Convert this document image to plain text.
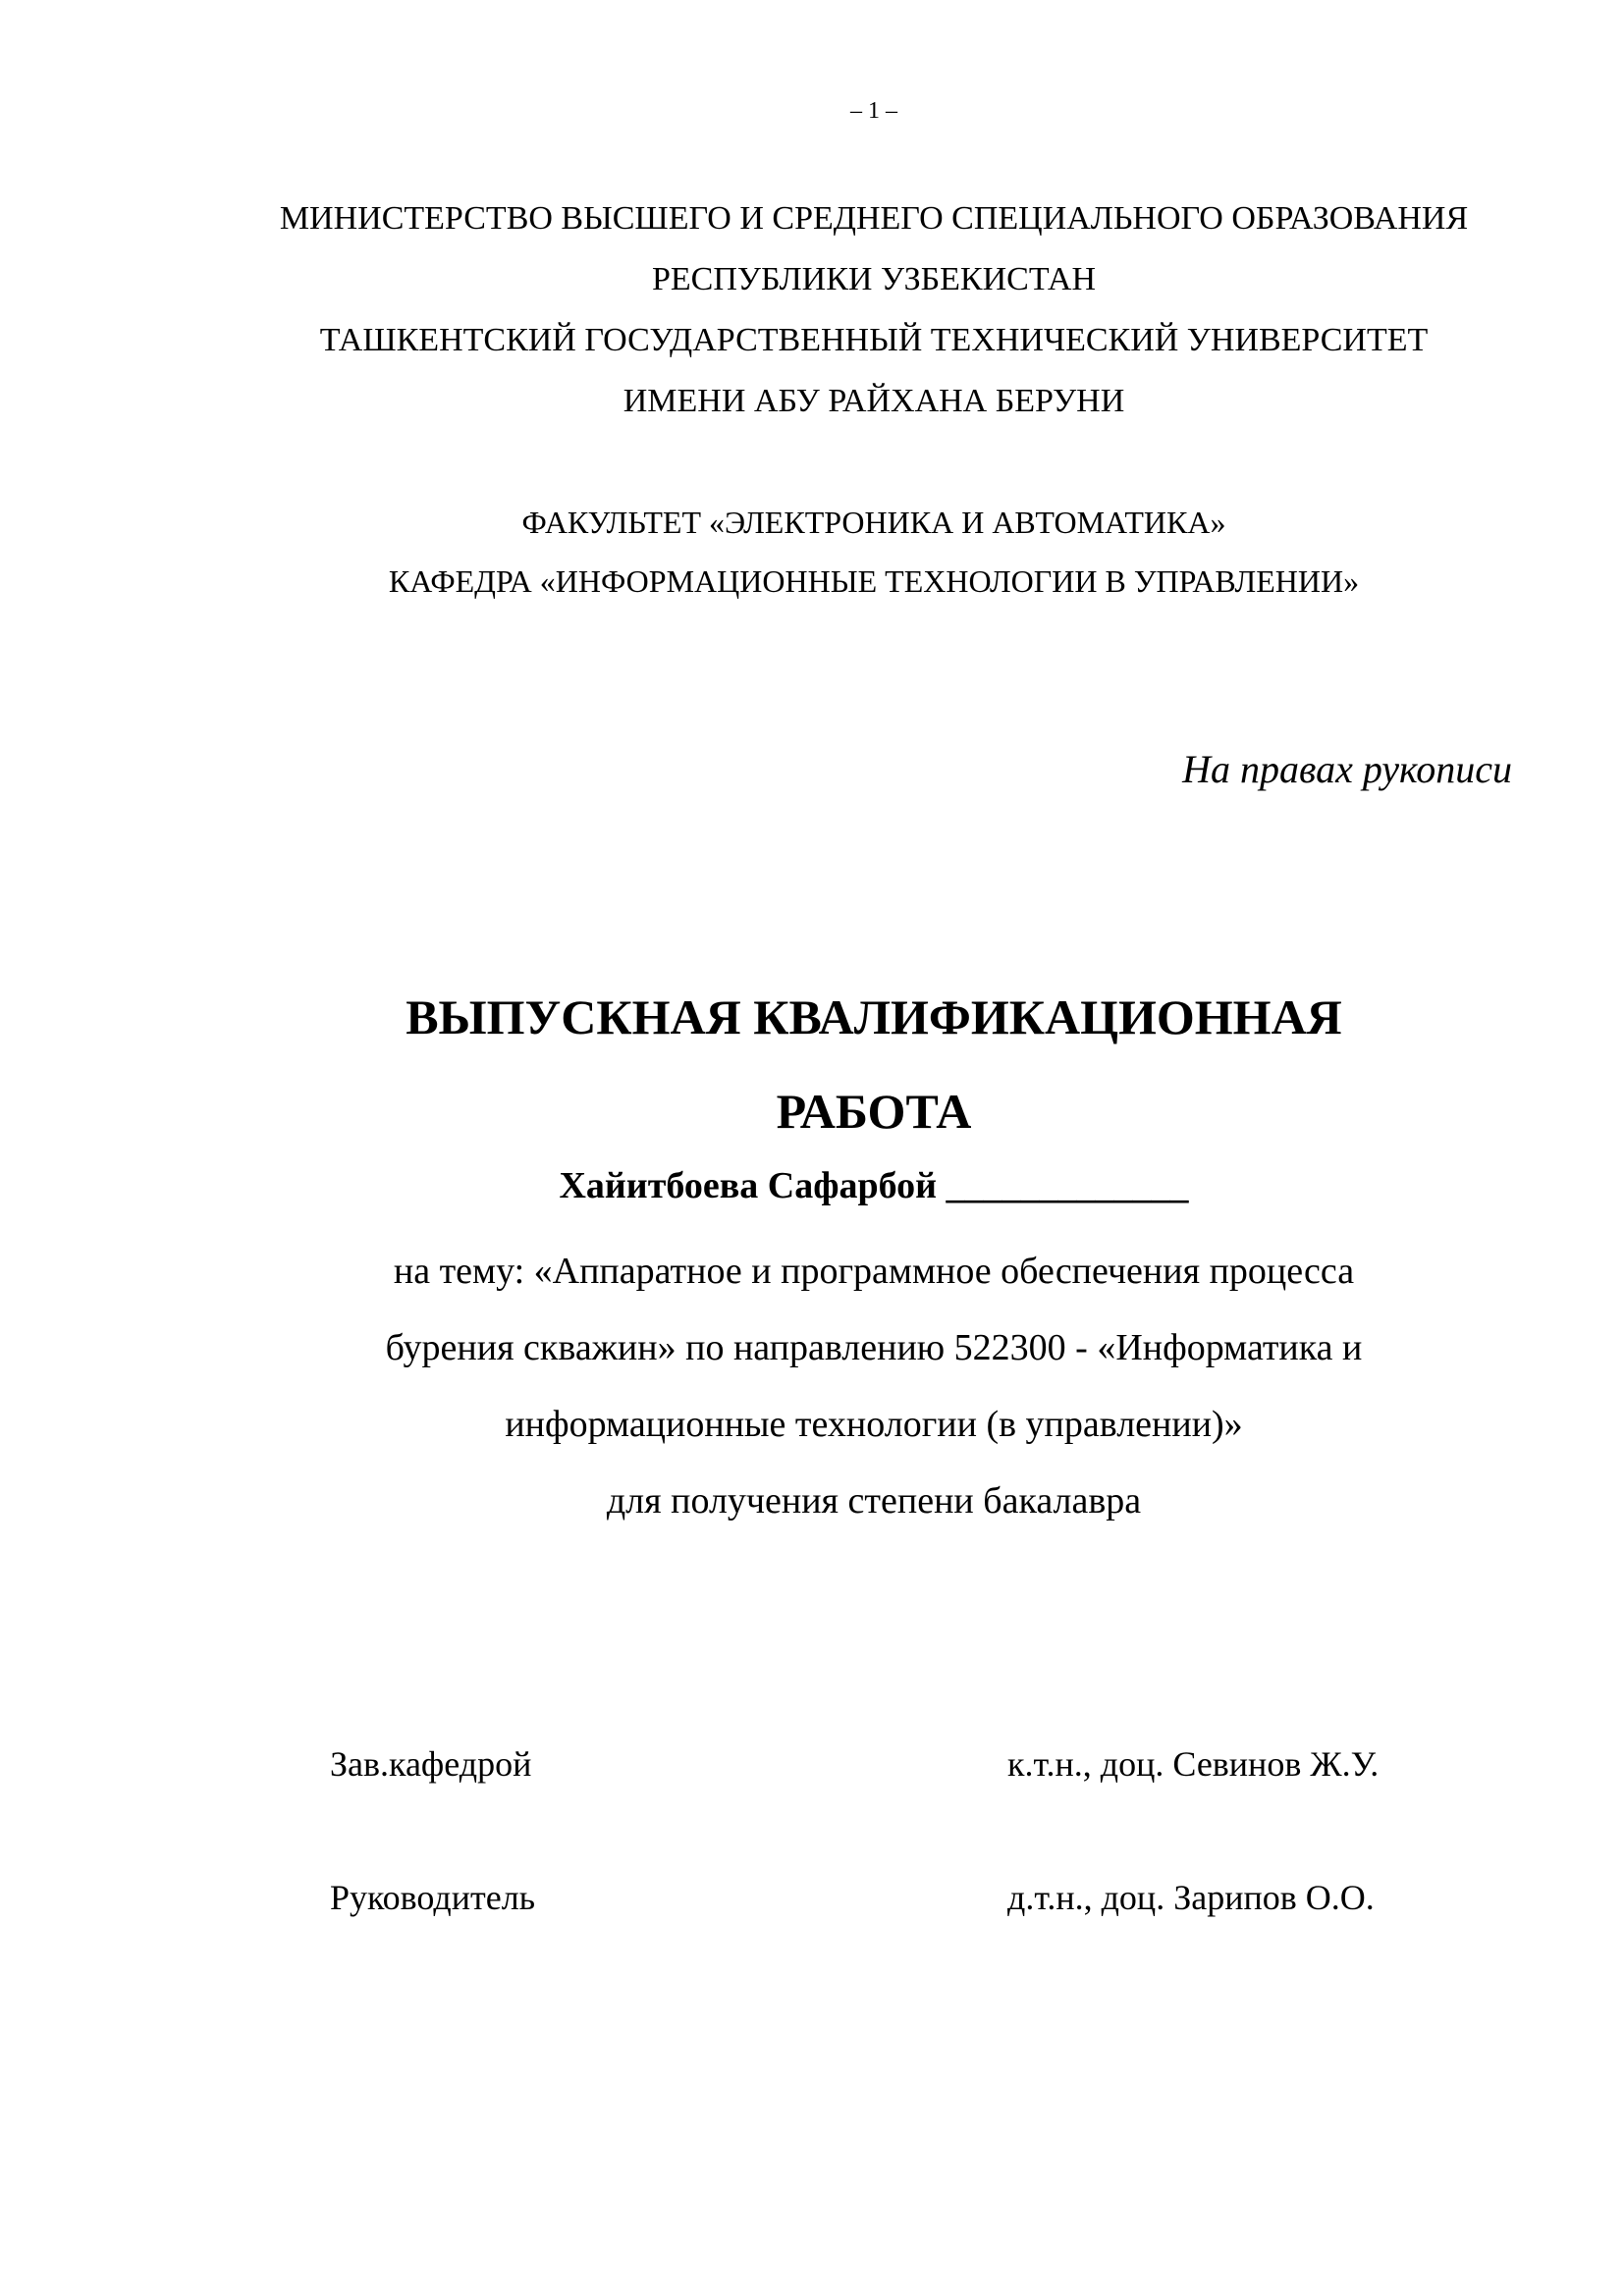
– 1 –
МИНИСТЕРСТВО ВЫСШЕГО И СРЕДНЕГО СПЕЦИАЛЬНОГО ОБРАЗОВАНИЯ
РЕСПУБЛИКИ УЗБЕКИСТАН
ТАШКЕНТСКИЙ ГОСУДАРСТВЕННЫЙ ТЕХНИЧЕСКИЙ УНИВЕРСИТЕТ
ИМЕНИ АБУ РАЙХАНА БЕРУНИ
ФАКУЛЬТЕТ «ЭЛЕКТРОНИКА И АВТОМАТИКА»
КАФЕДРА «ИНФОРМАЦИОННЫЕ ТЕХНОЛОГИИ В УПРАВЛЕНИИ»
На правах рукописи
ВЫПУСКНАЯ КВАЛИФИКАЦИОННАЯ
РАБОТА
Хайитбоева Сафарбой _____________
на тему: «Аппаратное и программное обеспечения процесса
бурения скважин» по направлению 522300 - «Информатика и
информационные технологии (в управлении)»
для получения степени бакалавра
Зав.кафедрой	к.т.н., доц. Севинов Ж.У.
Руководитель	д.т.н., доц. Зарипов О.О.
